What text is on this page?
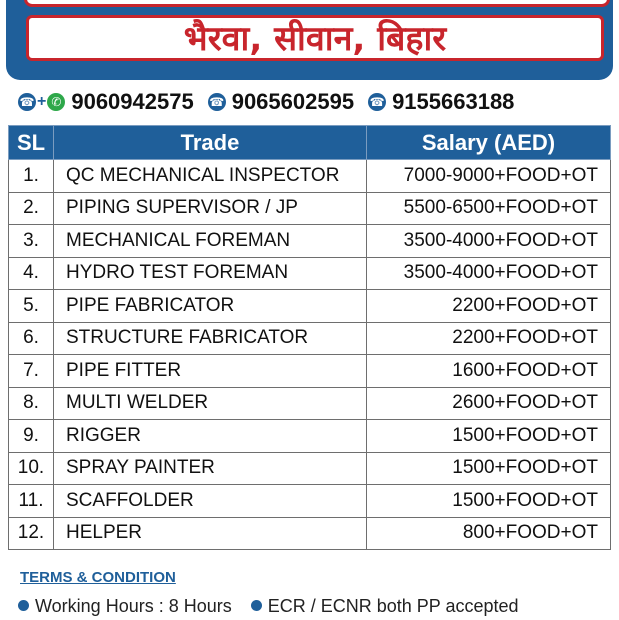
भैरवा, सीवान, बिहार
☎ + ✆ 9060942575 ☎ 9065602595 ☎ 9155663188
SL	Trade	Salary (AED)
1.	QC MECHANICAL INSPECTOR	7000-9000+FOOD+OT
2.	PIPING SUPERVISOR / JP	5500-6500+FOOD+OT
3.	MECHANICAL FOREMAN	3500-4000+FOOD+OT
4.	HYDRO TEST FOREMAN	3500-4000+FOOD+OT
5.	PIPE FABRICATOR	2200+FOOD+OT
6.	STRUCTURE FABRICATOR	2200+FOOD+OT
7.	PIPE FITTER	1600+FOOD+OT
8.	MULTI WELDER	2600+FOOD+OT
9.	RIGGER	1500+FOOD+OT
10.	SPRAY PAINTER	1500+FOOD+OT
11.	SCAFFOLDER	1500+FOOD+OT
12.	HELPER	800+FOOD+OT
TERMS & CONDITION
Working Hours : 8 Hours ECR / ECNR both PP accepted
